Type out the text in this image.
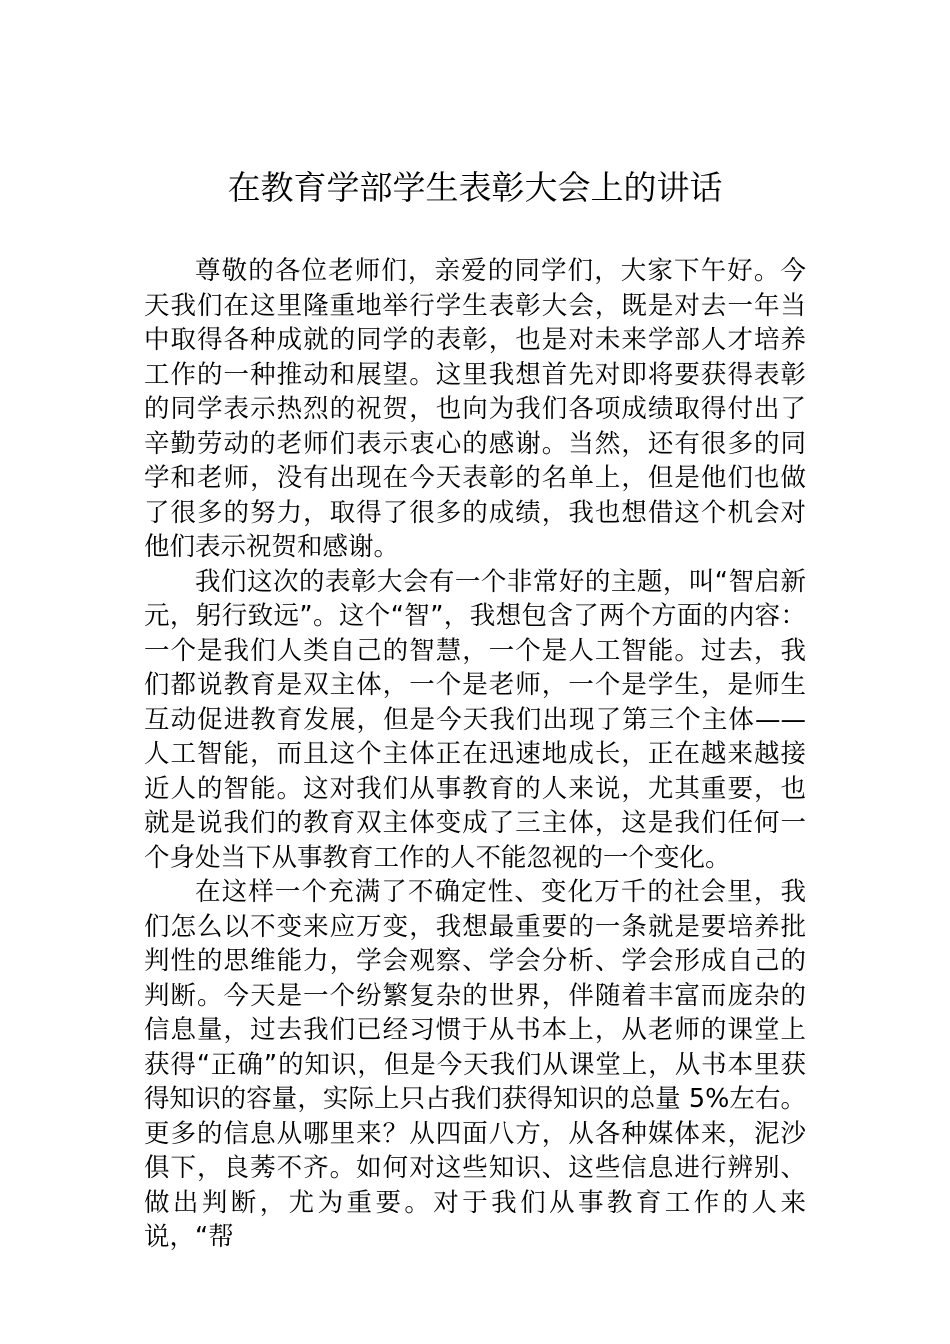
在教育学部学生表彰大会上的讲话

尊敬的各位老师们，亲爱的同学们，大家下午好。今天我们在这里隆重地举行学生表彰大会，既是对去一年当中取得各种成就的同学的表彰，也是对未来学部人才培养工作的一种推动和展望。这里我想首先对即将要获得表彰的同学表示热烈的祝贺，也向为我们各项成绩取得付出了辛勤劳动的老师们表示衷心的感谢。当然，还有很多的同学和老师，没有出现在今天表彰的名单上，但是他们也做了很多的努力，取得了很多的成绩，我也想借这个机会对他们表示祝贺和感谢。

我们这次的表彰大会有一个非常好的主题，叫“智启新元，躬行致远”。这个“智”，我想包含了两个方面的内容：一个是我们人类自己的智慧，一个是人工智能。过去，我们都说教育是双主体，一个是老师，一个是学生，是师生互动促进教育发展，但是今天我们出现了第三个主体——人工智能，而且这个主体正在迅速地成长，正在越来越接近人的智能。这对我们从事教育的人来说，尤其重要，也就是说我们的教育双主体变成了三主体，这是我们任何一个身处当下从事教育工作的人不能忽视的一个变化。

在这样一个充满了不确定性、变化万千的社会里，我们怎么以不变来应万变，我想最重要的一条就是要培养批判性的思维能力，学会观察、学会分析、学会形成自己的判断。今天是一个纷繁复杂的世界，伴随着丰富而庞杂的信息量，过去我们已经习惯于从书本上，从老师的课堂上获得“正确”的知识，但是今天我们从课堂上，从书本里获得知识的容量，实际上只占我们获得知识的总量 5%左右。更多的信息从哪里来？从四面八方，从各种媒体来，泥沙俱下，良莠不齐。如何对这些知识、这些信息进行辨别、做出判断，尤为重要。对于我们从事教育工作的人来说，“帮
